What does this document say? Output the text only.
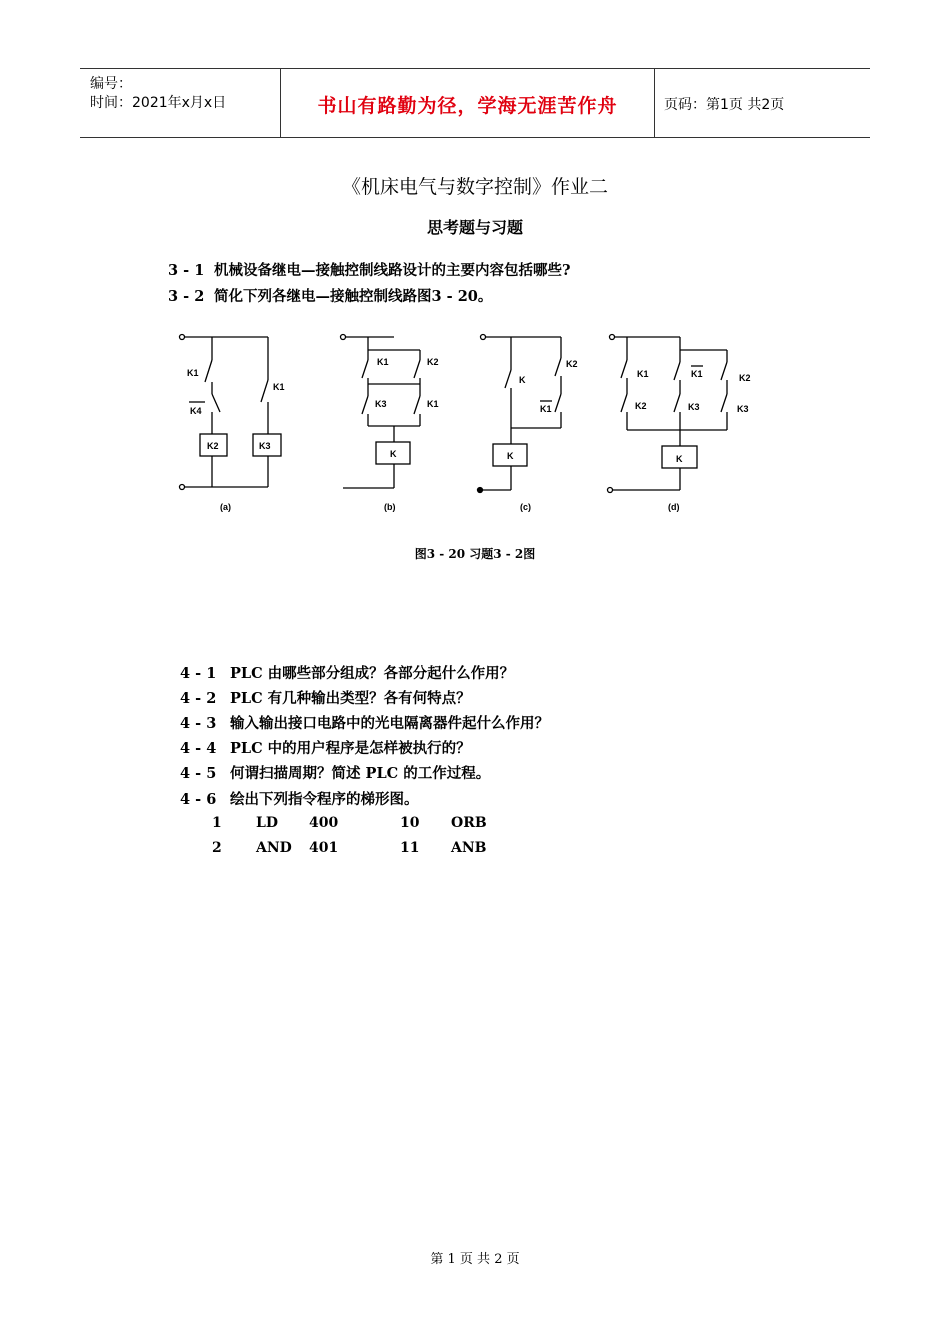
编号：
时间：2021年x月x日	书山有路勤为径，学海无涯苦作舟	页码：第1页 共2页
《机床电气与数字控制》作业二
思考题与习题
3 - 1 机械设备继电—接触控制线路设计的主要内容包括哪些?
3 - 2 简化下列各继电—接触控制线路图3 - 20。
K1
K4
K1
K2	K3
(a)
K1	K2
K3	K1
K
(b)
K
K2
K1
K
(c)
K1	K1	K2
K2	K3	K3
K
(d)
图3 - 20 习题3 - 2图
4 - 1 PLC 由哪些部分组成？各部分起什么作用？
4 - 2 PLC 有几种输出类型？各有何特点？
4 - 3 输入输出接口电路中的光电隔离器件起什么作用？
4 - 4 PLC 中的用户程序是怎样被执行的？
4 - 5 何谓扫描周期？简述 PLC 的工作过程。
4 - 6 绘出下列指令程序的梯形图。
1 LD 400	10 ORB
2 AND 401	11 ANB
第 1 页 共 2 页
